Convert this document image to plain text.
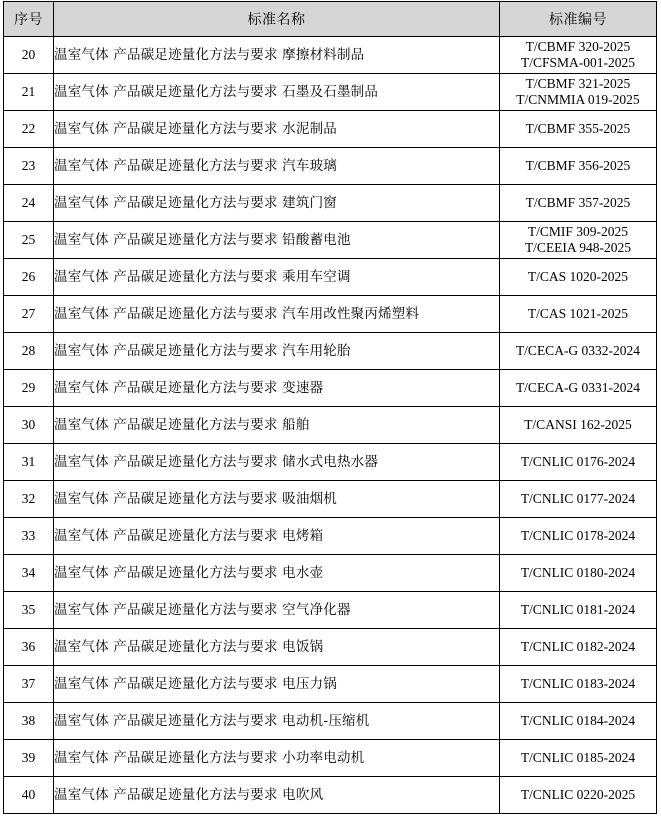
序号	标准名称	标准编号
20	温室气体 产品碳足迹量化方法与要求 摩擦材料制品	T/CBMF 320-2025
T/CFSMA-001-2025

21	温室气体 产品碳足迹量化方法与要求 石墨及石墨制品	T/CBMF 321-2025
T/CNMMIA 019-2025

22	温室气体 产品碳足迹量化方法与要求 水泥制品	T/CBMF 355-2025

23	温室气体 产品碳足迹量化方法与要求 汽车玻璃	T/CBMF 356-2025

24	温室气体 产品碳足迹量化方法与要求 建筑门窗	T/CBMF 357-2025

25	温室气体 产品碳足迹量化方法与要求 铅酸蓄电池	T/CMIF 309-2025
T/CEEIA 948-2025

26	温室气体 产品碳足迹量化方法与要求 乘用车空调	T/CAS 1020-2025

27	温室气体 产品碳足迹量化方法与要求 汽车用改性聚丙烯塑料	T/CAS 1021-2025

28	温室气体 产品碳足迹量化方法与要求 汽车用轮胎	T/CECA-G 0332-2024

29	温室气体 产品碳足迹量化方法与要求 变速器	T/CECA-G 0331-2024

30	温室气体 产品碳足迹量化方法与要求 船舶	T/CANSI 162-2025

31	温室气体 产品碳足迹量化方法与要求 储水式电热水器	T/CNLIC 0176-2024

32	温室气体 产品碳足迹量化方法与要求 吸油烟机	T/CNLIC 0177-2024

33	温室气体 产品碳足迹量化方法与要求 电烤箱	T/CNLIC 0178-2024

34	温室气体 产品碳足迹量化方法与要求 电水壶	T/CNLIC 0180-2024

35	温室气体 产品碳足迹量化方法与要求 空气净化器	T/CNLIC 0181-2024

36	温室气体 产品碳足迹量化方法与要求 电饭锅	T/CNLIC 0182-2024

37	温室气体 产品碳足迹量化方法与要求 电压力锅	T/CNLIC 0183-2024

38	温室气体 产品碳足迹量化方法与要求 电动机-压缩机	T/CNLIC 0184-2024

39	温室气体 产品碳足迹量化方法与要求 小功率电动机	T/CNLIC 0185-2024

40	温室气体 产品碳足迹量化方法与要求 电吹风	T/CNLIC 0220-2025
